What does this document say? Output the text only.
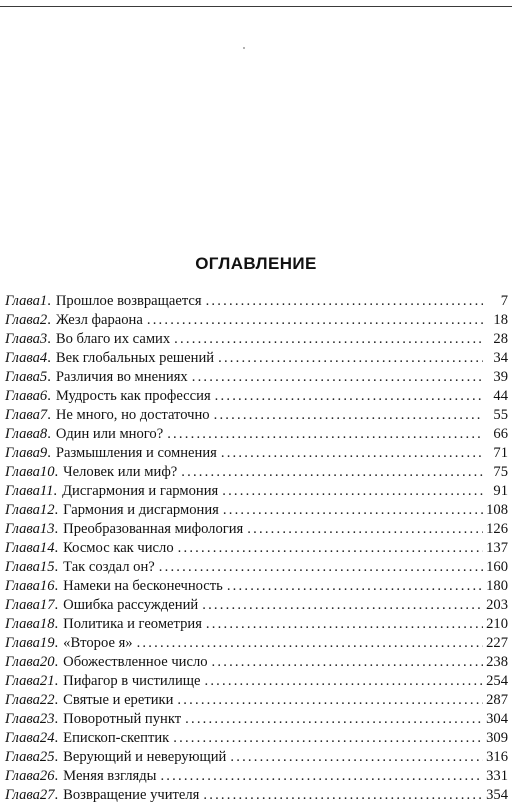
ОГЛАВЛЕНИЕ
Глава 1 . Прошлое возвращается .....	7
Глава 2 . Жезл фараона .....	18
Глава 3 . Во благо их самих .....	28
Глава 4 . Век глобальных решений .....	34
Глава 5 . Различия во мнениях .....	39
Глава 6 . Мудрость как профессия .....	44
Глава 7 . Не много, но достаточно .....	55
Глава 8 . Один или много? .....	66
Глава 9 . Размышления и сомнения .....	71
Глава 10 . Человек или миф? .....	75
Глава 11 . Дисгармония и гармония .....	91
Глава 12 . Гармония и дисгармония .....	108
Глава 13 . Преобразованная мифология .....	126
Глава 14 . Космос как число .....	137
Глава 15 . Так создал он? .....	160
Глава 16 . Намеки на бесконечность .....	180
Глава 17 . Ошибка рассуждений .....	203
Глава 18 . Политика и геометрия .....	210
Глава 19 . «Второе я» .....	227
Глава 20 . Обожествленное число .....	238
Глава 21 . Пифагор в чистилище .....	254
Глава 22 . Святые и еретики .....	287
Глава 23 . Поворотный пункт .....	304
Глава 24 . Епископ-скептик .....	309
Глава 25 . Верующий и неверующий .....	316
Глава 26 . Меняя взгляды .....	331
Глава 27 . Возвращение учителя .....	354
